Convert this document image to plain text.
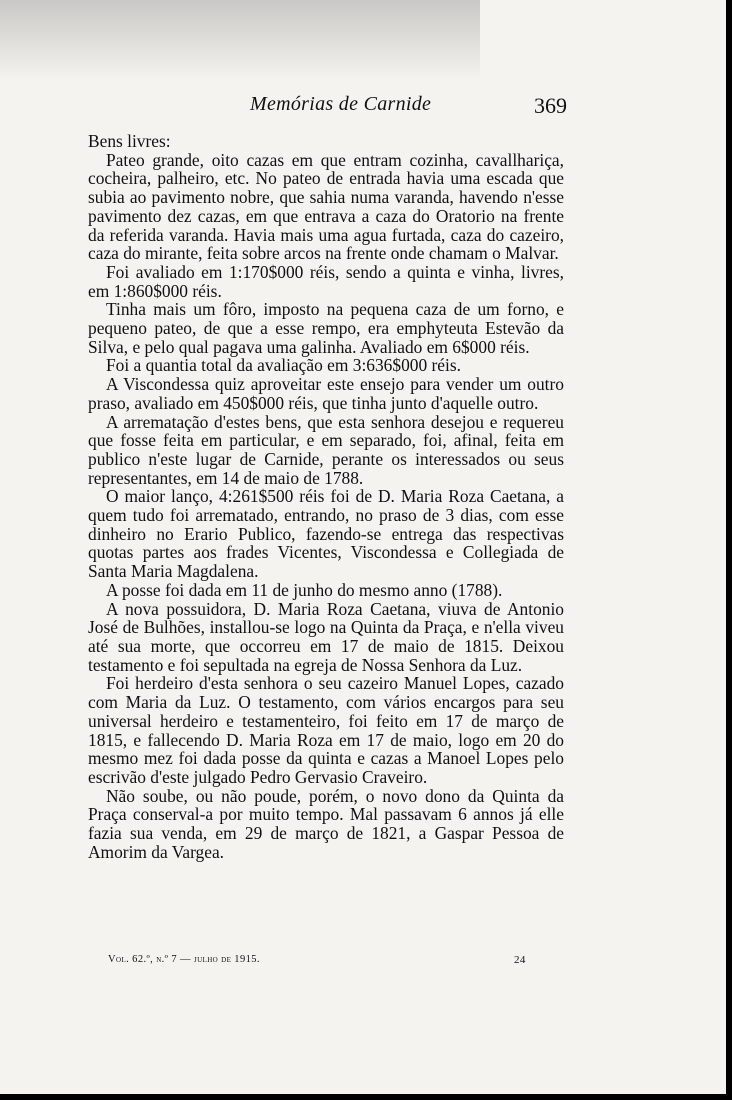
Memórias de Carnide	369

Bens livres:

Pateo grande, oito cazas em que entram cozinha, cavallhariça, cocheira, palheiro, etc. No pateo de entrada havia uma escada que subia ao pavimento nobre, que sahia numa varanda, havendo n'esse pavimento dez cazas, em que entrava a caza do Oratorio na frente da referida varanda. Havia mais uma agua furtada, caza do cazeiro, caza do mirante, feita sobre arcos na frente onde chamam o Malvar.

Foi avaliado em 1:170$000 réis, sendo a quinta e vinha, livres, em 1:860$000 réis.

Tinha mais um fôro, imposto na pequena caza de um forno, e pequeno pateo, de que a esse rempo, era emphyteuta Estevão da Silva, e pelo qual pagava uma galinha. Avaliado em 6$000 réis.

Foi a quantia total da avaliação em 3:636$000 réis.

A Viscondessa quiz aproveitar este ensejo para vender um outro praso, avaliado em 450$000 réis, que tinha junto d'aquelle outro.

A arrematação d'estes bens, que esta senhora desejou e requereu que fosse feita em particular, e em separado, foi, afinal, feita em publico n'este lugar de Carnide, perante os interessados ou seus representantes, em 14 de maio de 1788.

O maior lanço, 4:261$500 réis foi de D. Maria Roza Caetana, a quem tudo foi arrematado, entrando, no praso de 3 dias, com esse dinheiro no Erario Publico, fazendo-se entrega das respectivas quotas partes aos frades Vicentes, Viscondessa e Collegiada de Santa Maria Magdalena.

A posse foi dada em 11 de junho do mesmo anno (1788).

A nova possuidora, D. Maria Roza Caetana, viuva de Antonio José de Bulhões, installou-se logo na Quinta da Praça, e n'ella viveu até sua morte, que occorreu em 17 de maio de 1815. Deixou testamento e foi sepultada na egreja de Nossa Senhora da Luz.

Foi herdeiro d'esta senhora o seu cazeiro Manuel Lopes, cazado com Maria da Luz. O testamento, com vários encargos para seu universal herdeiro e testamenteiro, foi feito em 17 de março de 1815, e fallecendo D. Maria Roza em 17 de maio, logo em 20 do mesmo mez foi dada posse da quinta e cazas a Manoel Lopes pelo escrivão d'este julgado Pedro Gervasio Craveiro.

Não soube, ou não poude, porém, o novo dono da Quinta da Praça conserval-a por muito tempo. Mal passavam 6 annos já elle fazia sua venda, em 29 de março de 1821, a Gaspar Pessoa de Amorim da Vargea.

Vol. 62.º, n.º 7 — julho de 1915.	24
